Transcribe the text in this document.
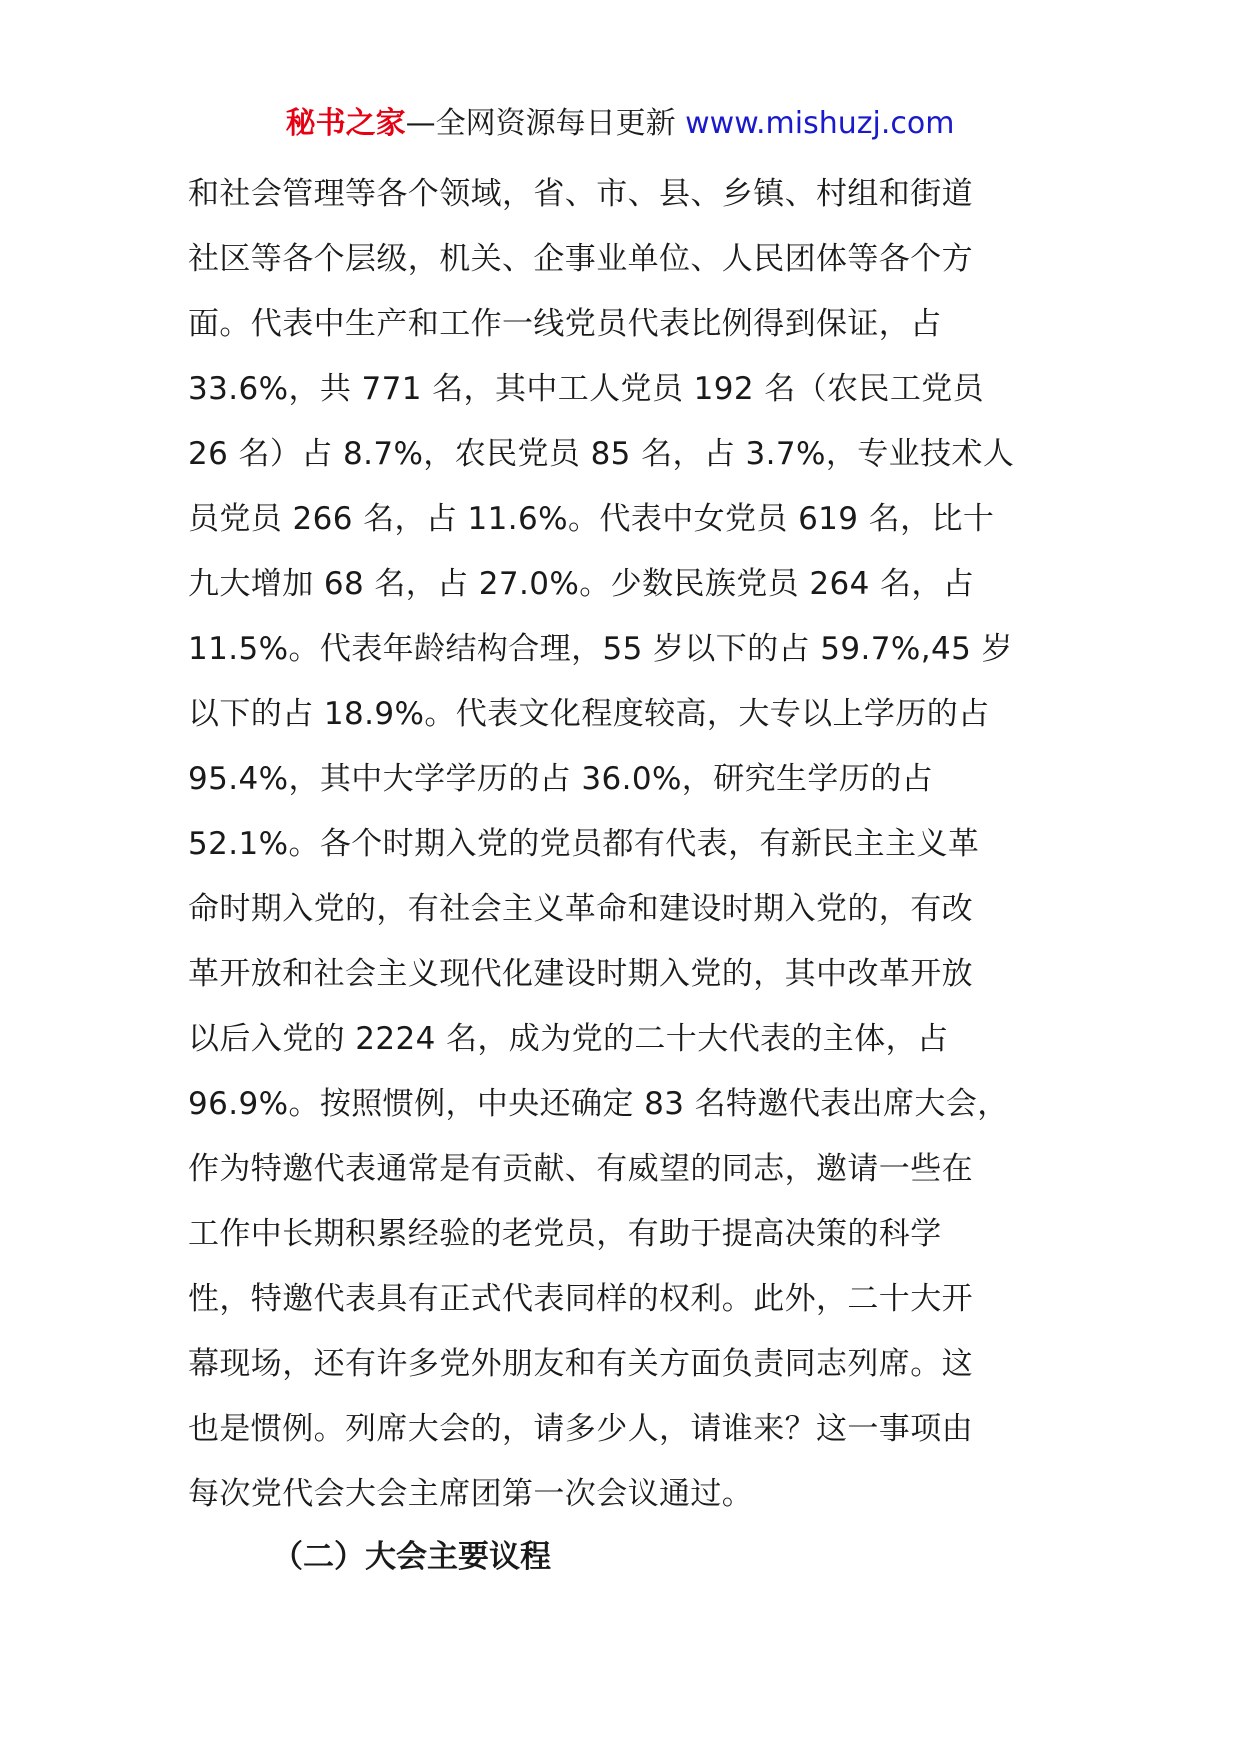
秘书之家—全网资源每日更新 www.mishuzj.com
和社会管理等各个领域，省、市、县、乡镇、村组和街道
社区等各个层级，机关、企事业单位、人民团体等各个方
面。代表中生产和工作一线党员代表比例得到保证，占
33.6%，共 771 名，其中工人党员 192 名（农民工党员
26 名）占 8.7%，农民党员 85 名，占 3.7%，专业技术人
员党员 266 名，占 11.6%。代表中女党员 619 名，比十
九大增加 68 名，占 27.0%。少数民族党员 264 名，占
11.5%。代表年龄结构合理，55 岁以下的占 59.7%,45 岁
以下的占 18.9%。代表文化程度较高，大专以上学历的占
95.4%，其中大学学历的占 36.0%，研究生学历的占
52.1%。各个时期入党的党员都有代表，有新民主主义革
命时期入党的，有社会主义革命和建设时期入党的，有改
革开放和社会主义现代化建设时期入党的，其中改革开放
以后入党的 2224 名，成为党的二十大代表的主体，占
96.9%。按照惯例，中央还确定 83 名特邀代表出席大会，
作为特邀代表通常是有贡献、有威望的同志，邀请一些在
工作中长期积累经验的老党员，有助于提高决策的科学
性，特邀代表具有正式代表同样的权利。此外，二十大开
幕现场，还有许多党外朋友和有关方面负责同志列席。这
也是惯例。列席大会的，请多少人，请谁来？这一事项由
每次党代会大会主席团第一次会议通过。
（二）大会主要议程
